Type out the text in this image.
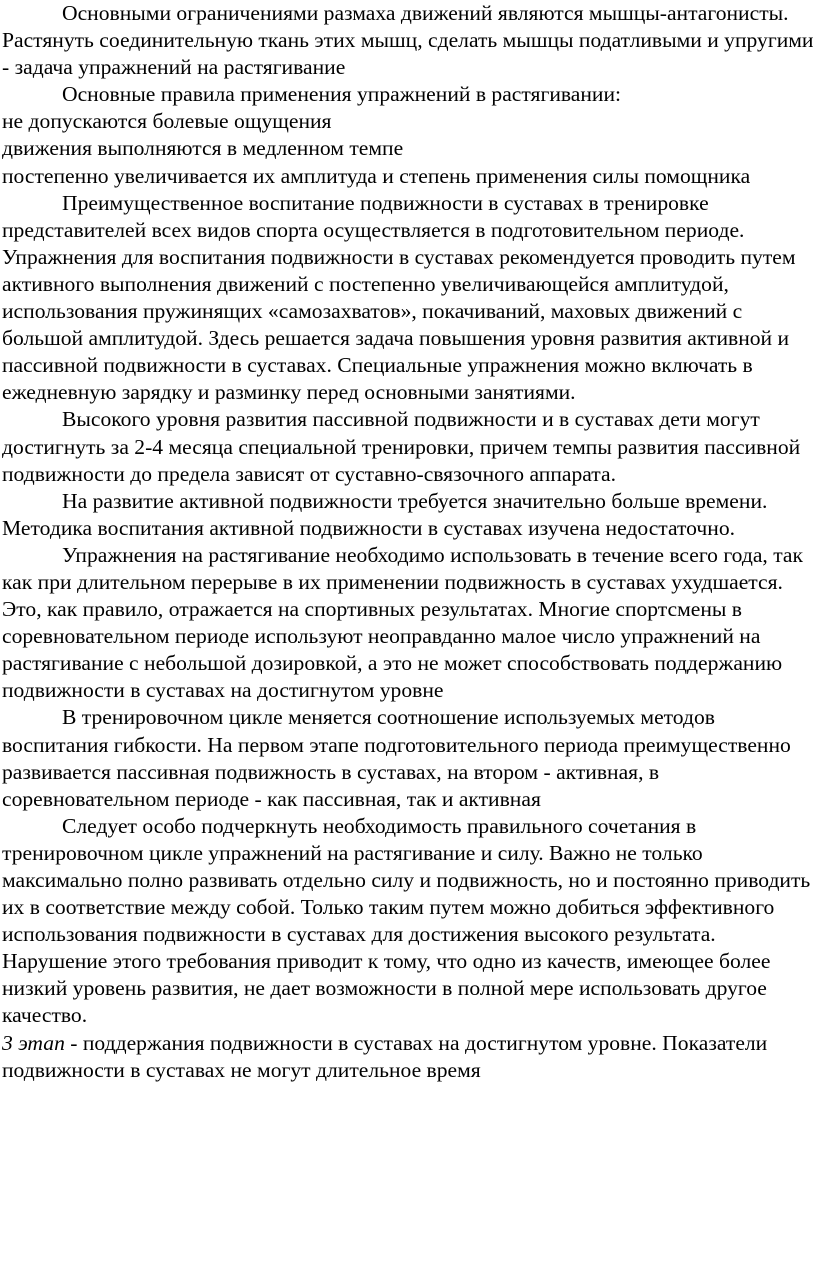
Основными ограничениями размаха движений являются мышцы-антагонисты. Растянуть соединительную ткань этих мышц, сделать мышцы податливыми и упругими - задача упражнений на растягивание

Основные правила применения упражнений в растягивании:

не допускаются болевые ощущения

движения выполняются в медленном темпе

постепенно увеличивается их амплитуда и степень применения силы помощника

Преимущественное воспитание подвижности в суставах в тренировке представителей всех видов спорта осуществляется в подготовительном периоде. Упражнения для воспитания подвижности в суставах рекомендуется проводить путем активного выполнения движений с постепенно увеличивающейся амплитудой, использования пружинящих «самозахватов», покачиваний, маховых движений с большой амплитудой. Здесь решается задача повышения уровня развития активной и пассивной подвижности в суставах. Специальные упражнения можно включать в ежедневную зарядку и разминку перед основными занятиями.

Высокого уровня развития пассивной подвижности и в суставах дети могут достигнуть за 2-4 месяца специальной тренировки, причем темпы развития пассивной подвижности до предела зависят от суставно-связочного аппарата.

На развитие активной подвижности требуется значительно больше времени. Методика воспитания активной подвижности в суставах изучена недостаточно.

Упражнения на растягивание необходимо использовать в течение всего года, так как при длительном перерыве в их применении подвижность в суставах ухудшается. Это, как правило, отражается на спортивных результатах. Многие спортсмены в соревновательном периоде используют неоправданно малое число упражнений на растягивание с небольшой дозировкой, а это не может способствовать поддержанию подвижности в суставах на достигнутом уровне

В тренировочном цикле меняется соотношение используемых методов воспитания гибкости. На первом этапе подготовительного периода преимущественно развивается пассивная подвижность в суставах, на втором - активная, в соревновательном периоде - как пассивная, так и активная

Следует особо подчеркнуть необходимость правильного сочетания в тренировочном цикле упражнений на растягивание и силу. Важно не только максимально полно развивать отдельно силу и подвижность, но и постоянно приводить их в соответствие между собой. Только таким путем можно добиться эффективного использования подвижности в суставах для достижения высокого результата. Нарушение этого требования приводит к тому, что одно из качеств, имеющее более низкий уровень развития, не дает возможности в полной мере использовать другое качество.

3 этап - поддержания подвижности в суставах на достигнутом уровне. Показатели подвижности в суставах не могут длительное время
